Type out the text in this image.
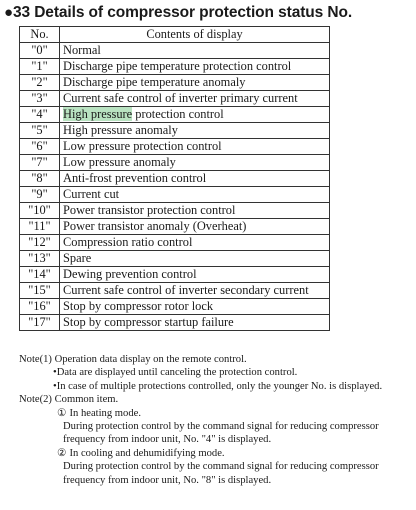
●33 Details of compressor protection status No.
No.	Contents of display
"0"	Normal
"1"	Discharge pipe temperature protection control
"2"	Discharge pipe temperature anomaly
"3"	Current safe control of inverter primary current
"4"	High pressure protection control
"5"	High pressure anomaly
"6"	Low pressure protection control
"7"	Low pressure anomaly
"8"	Anti-frost prevention control
"9"	Current cut
"10"	Power transistor protection control
"11"	Power transistor anomaly (Overheat)
"12"	Compression ratio control
"13"	Spare
"14"	Dewing prevention control
"15"	Current safe control of inverter secondary current
"16"	Stop by compressor rotor lock
"17"	Stop by compressor startup failure
Note(1) Operation data display on the remote control.
•Data are displayed until canceling the protection control.
•In case of multiple protections controlled, only the younger No. is displayed.
Note(2) Common item.
① In heating mode.
During protection control by the command signal for reducing compressor
frequency from indoor unit, No. "4" is displayed.
② In cooling and dehumidifying mode.
During protection control by the command signal for reducing compressor
frequency from indoor unit, No. "8" is displayed.
